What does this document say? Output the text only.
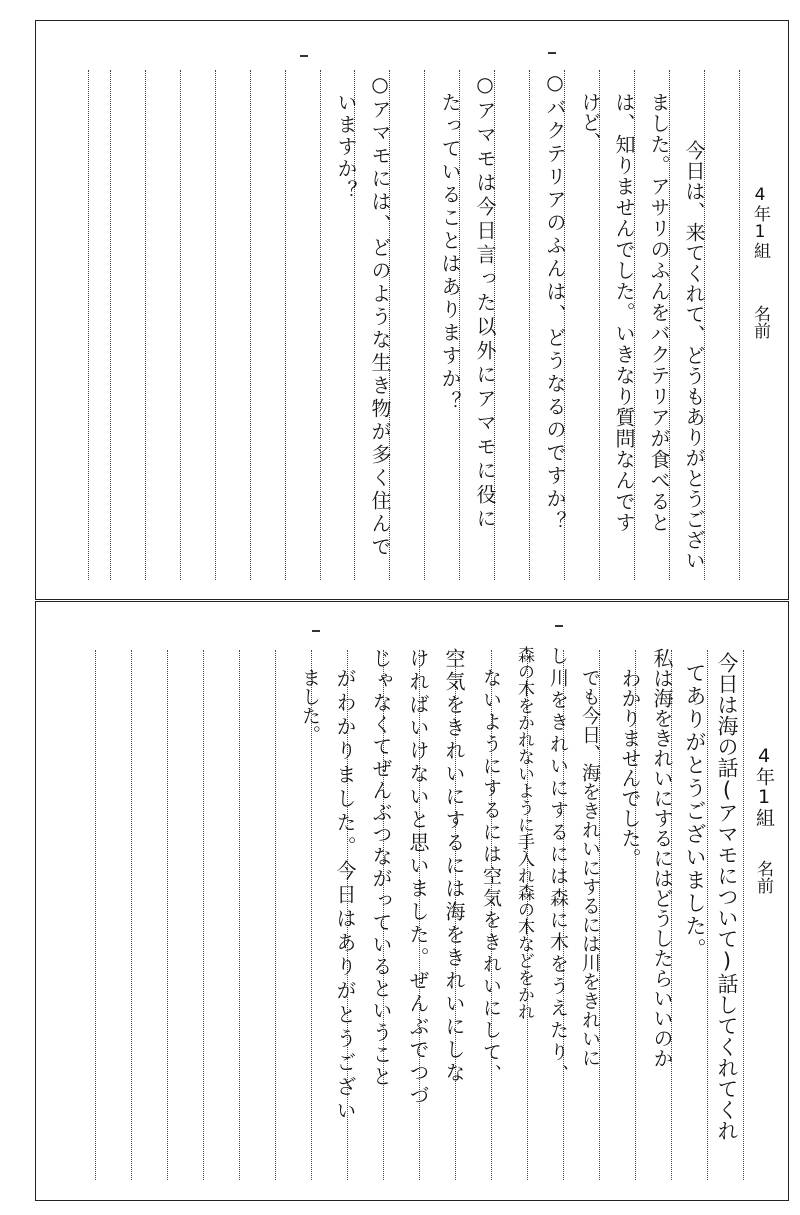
4年1組
名前
今日は、来てくれて、どうもありがとうござい
ました。アサリのふんをバクテリアが食べると
は、知りませんでした。いきなり質問なんです
けど、
○バクテリアのふんは、どうなるのですか？
○アマモは今日言った以外にアマモに役に
たっていることはありますか？
○アマモには、どのような生き物が多く住んで
いますか？
4年1組
名前
今日は海の話(アマモについて)話してくれてくれ
てありがとうございました。
私は海をきれいにするにはどうしたらいいのか
わかりませんでした。
でも今日、海をきれいにするには川をきれいに
し川をきれいにするには森に木をうえたり、
森の木をかれないように手入れ森の木などをかれ
ないようにするには空気をきれいにして、
空気をきれいにするには海をきれいにしな
ければいけないと思いました。ぜんぶでつづ
じゃなくてぜんぶつながっているということ
がわかりました。今日はありがとうござい
ました。
